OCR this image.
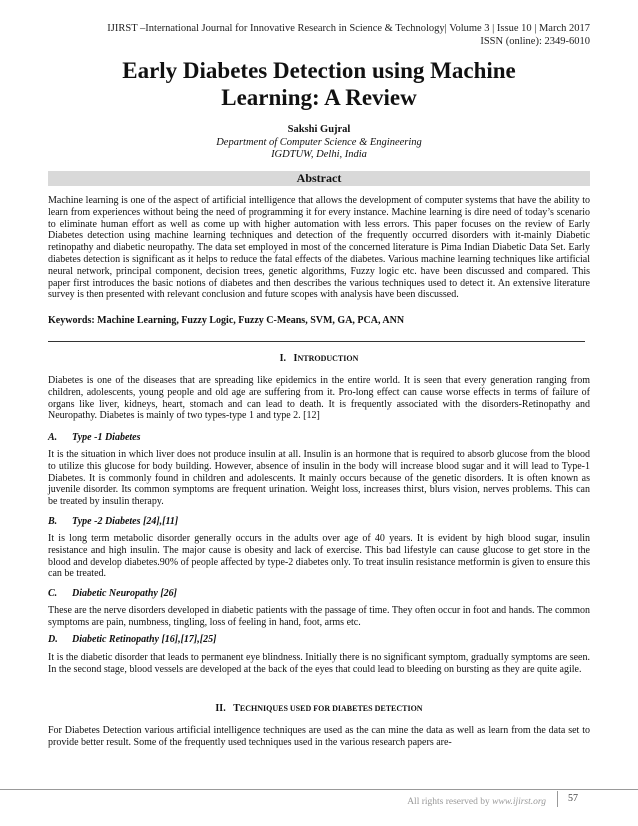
IJIRST –International Journal for Innovative Research in Science & Technology| Volume 3 | Issue 10 | March 2017
ISSN (online): 2349-6010
Early Diabetes Detection using Machine
Learning: A Review
Sakshi Gujral
Department of Computer Science & Engineering
IGDTUW, Delhi, India
Abstract

Machine learning is one of the aspect of artificial intelligence that allows the development of computer systems that have the ability to learn from experiences without being the need of programming it for every instance. Machine learning is dire need of today’s scenario to eliminate human effort as well as come up with higher automation with less errors. This paper focuses on the review of Early Diabetes detection using machine learning techniques and detection of the frequently occurred disorders with it-mainly Diabetic retinopathy and diabetic neuropathy. The data set employed in most of the concerned literature is Pima Indian Diabetic Data Set. Early diabetes detection is significant as it helps to reduce the fatal effects of the diabetes. Various machine learning techniques like artificial neural network, principal component, decision trees, genetic algorithms, Fuzzy logic etc. have been discussed and compared. This paper first introduces the basic notions of diabetes and then describes the various techniques used to detect it. An extensive literature survey is then presented with relevant conclusion and future scopes with analysis have been discussed.

Keywords: Machine Learning, Fuzzy Logic, Fuzzy C-Means, SVM, GA, PCA, ANN
I. INTRODUCTION

Diabetes is one of the diseases that are spreading like epidemics in the entire world. It is seen that every generation ranging from children, adolescents, young people and old age are suffering from it. Pro-long effect can cause worse effects in terms of failure of organs like liver, kidneys, heart, stomach and can lead to death. It is frequently associated with the disorders-Retinopathy and Neuropathy. Diabetes is mainly of two types-type 1 and type 2. [12]

A. Type -1 Diabetes

It is the situation in which liver does not produce insulin at all. Insulin is an hormone that is required to absorb glucose from the blood to utilize this glucose for body building. However, absence of insulin in the body will increase blood sugar and it will lead to Type-1 Diabetes. It is commonly found in children and adolescents. It mainly occurs because of the genetic disorders. It is often known as juvenile disorder. Its common symptoms are frequent urination. Weight loss, increases thirst, blurs vision, nerves problems. This can be treated by insulin therapy.

B. Type -2 Diabetes [24],[11]

It is long term metabolic disorder generally occurs in the adults over age of 40 years. It is evident by high blood sugar, insulin resistance and high insulin. The major cause is obesity and lack of exercise. This bad lifestyle can cause glucose to get store in the blood and develop diabetes.90% of people affected by type-2 diabetes only. To treat insulin resistance metformin is given to ensure this can be treated.

C. Diabetic Neuropathy [26]

These are the nerve disorders developed in diabetic patients with the passage of time. They often occur in foot and hands. The common symptoms are pain, numbness, tingling, loss of feeling in hand, foot, arms etc.

D. Diabetic Retinopathy [16],[17],[25]

It is the diabetic disorder that leads to permanent eye blindness. Initially there is no significant symptom, gradually symptoms are seen. In the second stage, blood vessels are developed at the back of the eyes that could lead to bleeding on bursting as they are quite agile.

II. TECHNIQUES USED FOR DIABETES DETECTION

For Diabetes Detection various artificial intelligence techniques are used as the can mine the data as well as learn from the data set to provide better result. Some of the frequently used techniques used in the various research papers are-

All rights reserved by www.ijirst.org	57
